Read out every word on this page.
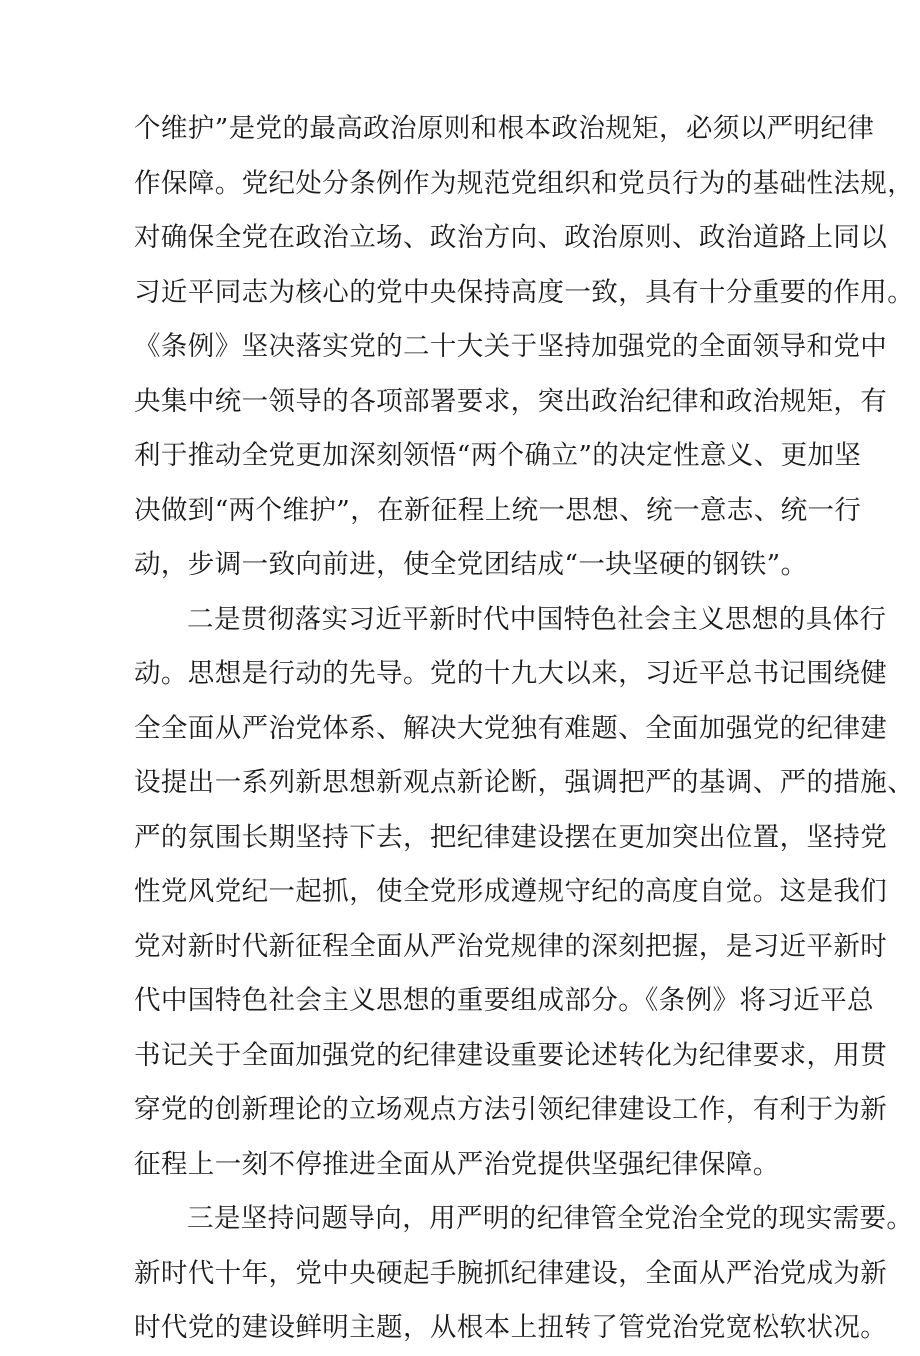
个维护”是党的最高政治原则和根本政治规矩，必须以严明纪律
作保障。党纪处分条例作为规范党组织和党员行为的基础性法规，
对确保全党在政治立场、政治方向、政治原则、政治道路上同以
习近平同志为核心的党中央保持高度一致，具有十分重要的作用。
《条例》坚决落实党的二十大关于坚持加强党的全面领导和党中
央集中统一领导的各项部署要求，突出政治纪律和政治规矩，有
利于推动全党更加深刻领悟“两个确立”的决定性意义、更加坚
决做到“两个维护”，在新征程上统一思想、统一意志、统一行
动，步调一致向前进，使全党团结成“一块坚硬的钢铁”。
二是贯彻落实习近平新时代中国特色社会主义思想的具体行
动。思想是行动的先导。党的十九大以来，习近平总书记围绕健
全全面从严治党体系、解决大党独有难题、全面加强党的纪律建
设提出一系列新思想新观点新论断，强调把严的基调、严的措施、
严的氛围长期坚持下去，把纪律建设摆在更加突出位置，坚持党
性党风党纪一起抓，使全党形成遵规守纪的高度自觉。这是我们
党对新时代新征程全面从严治党规律的深刻把握，是习近平新时
代中国特色社会主义思想的重要组成部分。《条例》将习近平总
书记关于全面加强党的纪律建设重要论述转化为纪律要求，用贯
穿党的创新理论的立场观点方法引领纪律建设工作，有利于为新
征程上一刻不停推进全面从严治党提供坚强纪律保障。
三是坚持问题导向，用严明的纪律管全党治全党的现实需要。
新时代十年，党中央硬起手腕抓纪律建设，全面从严治党成为新
时代党的建设鲜明主题，从根本上扭转了管党治党宽松软状况。
